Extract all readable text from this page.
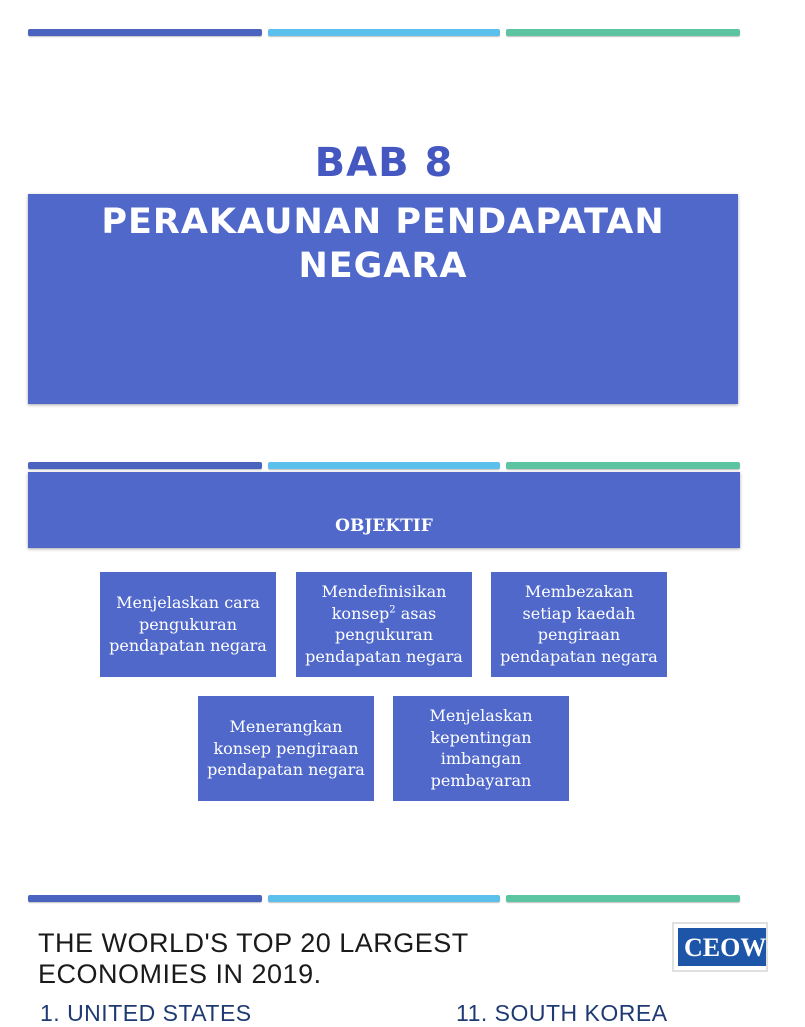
BAB 8
PERAKAUNAN PENDAPATAN
NEGARA
OBJEKTIF
Menjelaskan cara
pengukuran
pendapatan negara
Mendefinisikan
konsep$^2$ asas
pengukuran
pendapatan negara
Membezakan
setiap kaedah
pengiraan
pendapatan negara
Menerangkan
konsep pengiraan
pendapatan negara
Menjelaskan
kepentingan
imbangan
pembayaran
THE WORLD'S TOP 20 LARGEST
ECONOMIES IN 2019.
CEOWOR
1. UNITED STATES	11. SOUTH KOREA
